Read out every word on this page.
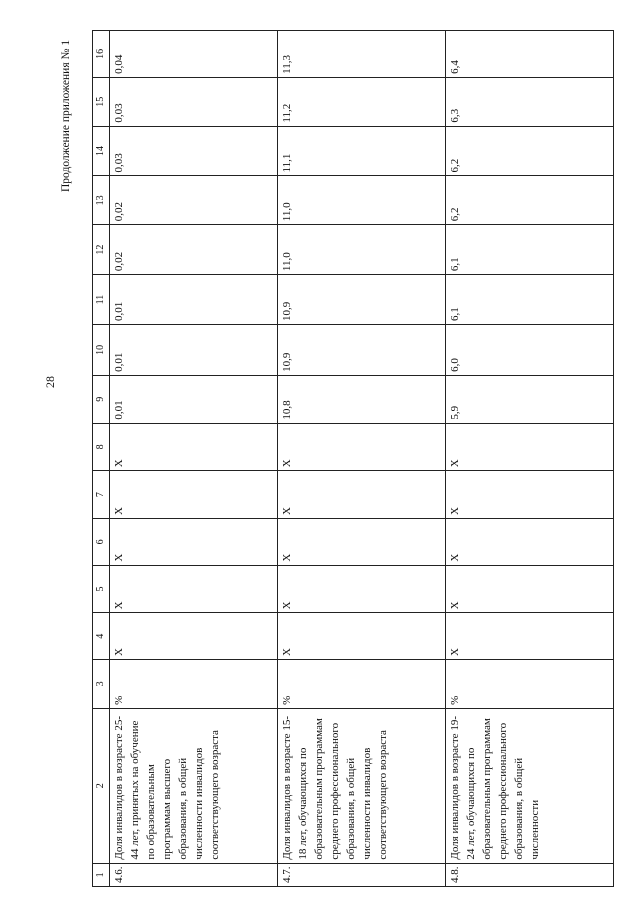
28
Продолжение приложения № 1
1	2	3	4	5	6	7	8	9	10	11	12	13	14	15	16
4.6.	Доля инвалидов в возрасте 25-44 лет, принятых на обучение по образовательным программам высшего образования, в общей численности инвалидов соответствующего возраста	%	X	X	X	X	X	0,01	0,01	0,01	0,02	0,02	0,03	0,03	0,04
4.7.	Доля инвалидов в возрасте 15-18 лет, обучающихся по образовательным программам среднего профессионального образования, в общей численности инвалидов соответствующего возраста	%	X	X	X	X	X	10,8	10,9	10,9	11,0	11,0	11,1	11,2	11,3
4.8.	Доля инвалидов в возрасте 19-24 лет, обучающихся по образовательным программам среднего профессионального образования, в общей численности	%	X	X	X	X	X	5,9	6,0	6,1	6,1	6,2	6,2	6,3	6,4
